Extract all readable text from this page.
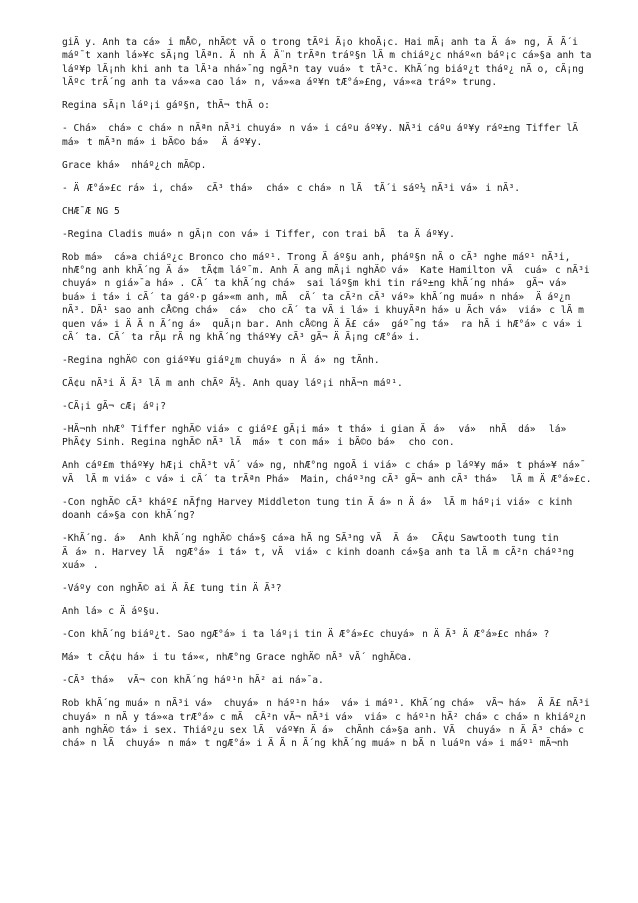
giÃ y. Anh ta cá»i mÅ©, nhÃ©t vÃ o trong tÃºi Ã¡o khoÃ¡c. Hai mÃ¡ anh ta Äá»ng, ÄÃ´i máº¯t xanh lá»¥c sÃ¡ng lÃªn. Änh ÄÃ¨n trÃªn tráº§n lÃ m chiáº¿c nháº«n báº¡c cá»§a anh ta láº¥p lÃ¡nh khi anh ta lÃ¹a nhá»¯ng ngÃ³n tay vuá»t tÃ³c. KhÃ´ng biáº¿t tháº¿ nÃ o, cÃ¡ng lÃºc trÃ´ng anh ta vá»«a cao lá»n, vá»«a áº¥n tÆ°á»£ng, vá»«a tráº» trung.

Regina sÃ¡n láº¡i gáº§n, thÃ¬ thÃ o:

- Chá» chá»c chá»n nÃªn nÃ³i chuyá»n vá»i cáºu áº¥y. NÃ³i cáºu áº¥y ráº±ng Tiffer lÃ  má»t mÃ³n má»i bÃ©o bá» Äáº¥y.

Grace khá» nháº¿ch mÃ©p.

- ÄÆ°á»£c rá»i, chá» cÃ³ thá» chá»c chá»n lÃ  tÃ´i sáº½ nÃ³i vá»i nÃ³.

CHÆ¯Æ NG 5

-Regina Cladis muá»n gÃ¡n con vá»i Tiffer, con trai bÃ  ta Äáº¥y.

Rob má» cá»a chiáº¿c Bronco cho máº¹. Trong Äáº§u anh, pháº§n nÃ o cÃ³ nghe máº¹ nÃ³i, nhÆ°ng anh khÃ´ng Äá» tÃ¢m láº¯m. Anh Äang mÃ¡i nghÄ© vá» Kate Hamilton vÃ  cuá»c nÃ³i chuyá»n giá»¯a há». CÃ´ ta khÃ´ng chá» sai láº§m khi tin ráº±ng khÃ´ng nhá» gÃ¬ vá» buá»i tá»i cÃ´ ta gáº·p gá»«m anh, mÃ  cÃ´ ta cÃ²n cÃ³ váº» khÃ´ng muá»n nhá» Äáº¿n nÃ³. DÃ¹ sao anh cÅ©ng chá» cá» cho cÃ´ ta vÃ i lá»i khuyÃªn há»u Ãch vá» viá»c lÃ m quen vá»i ÄÃ n Ã´ng á» quÃ¡n bar. Anh cÅ©ng ÄÃ£ cá» gáº¯ng tá» ra hÃ i hÆ°á»c vá»i cÃ´ ta. CÃ´ ta rÃµ rÃ ng khÃ´ng tháº¥y cÃ³ gÃ¬ ÄÃ¡ng cÆ°á»i.

-Regina nghÄ© con giáº¥u giáº¿m chuyá»n Äá»ng tÃnh.

CÃ¢u nÃ³i ÄÃ³ lÃ m anh chÃº Ã½. Anh quay láº¡i nhÃ¬n máº¹.

-CÃ¡i gÃ¬ cÆ¡ áº¡?

-HÃ¬nh nhÆ° Tiffer nghÄ© viá»c giáº£ gÃ¡i má»t thá»i gian Äá» vá» nhÃ  dá» lá» PhÃ¢y Sinh. Regina nghÄ© nÃ³ lÃ  má»t con má»i bÃ©o bá» cho con.

Anh cáº£m tháº¥y hÆ¡i chÃ³t vÃ´ vá»ng, nhÆ°ng ngoÃ i viá»c chá»p láº¥y má»t phá»¥ ná»¯ vÃ  lÃ m viá»c vá»i cÃ´ ta trÃªn Phá» Main, cháº³ng cÃ³ gÃ¬ anh cÃ³ thá» lÃ m ÄÆ°á»£c.

-Con nghÄ© cÃ³ kháº£ nÄƒng Harvey Middleton tung tin Äá»n Äá» lÃ m háº¡i viá»c kinh doanh cá»§a con khÃ´ng?

-KhÃ´ng. á» Anh khÃ´ng nghÄ© chá»§ cá»a hÃ ng SÃ³ng vÃ  Äá» CÃ¢u Sawtooth tung tin Äá»n. Harvey lÃ  ngÆ°á»i tá»t, vÃ  viá»c kinh doanh cá»§a anh ta lÃ m cÃ²n cháº³ng xuá».

-Váºy con nghÄ© ai ÄÃ£ tung tin ÄÃ³?

Anh lá»c Äáº§u.

-Con khÃ´ng biáº¿t. Sao ngÆ°á»i ta láº¡i tin ÄÆ°á»£c chuyá»n ÄÃ³ ÄÆ°á»£c nhá»?

Má»t cÃ¢u há»i tu tá»«, nhÆ°ng Grace nghÄ© nÃ³ vÃ´ nghÄ©a.

-CÃ³ thá» vÃ¬ con khÃ´ng háº¹n hÃ² ai ná»¯a.

Rob khÃ´ng muá»n nÃ³i vá» chuyá»n háº¹n há» vá»i máº¹. KhÃ´ng chá» vÃ¬ há» ÄÃ£ nÃ³i chuyá»n nÃ y tá»«a trÆ°á»c mÃ  cÃ²n vÃ¬ nÃ³i vá» viá»c háº¹n hÃ² chá»c chá»n khiáº¿n anh nghÄ© tá»i sex. Thiáº¿u sex lÃ  váº¥n Äá» chÃnh cá»§a anh. VÃ  chuyá»n ÄÃ³ chá»c chá»n lÃ  chuyá»n má»t ngÆ°á»i ÄÃ n Ã´ng khÃ´ng muá»n bÃ n luáºn vá»i máº¹ mÃ¬nh
